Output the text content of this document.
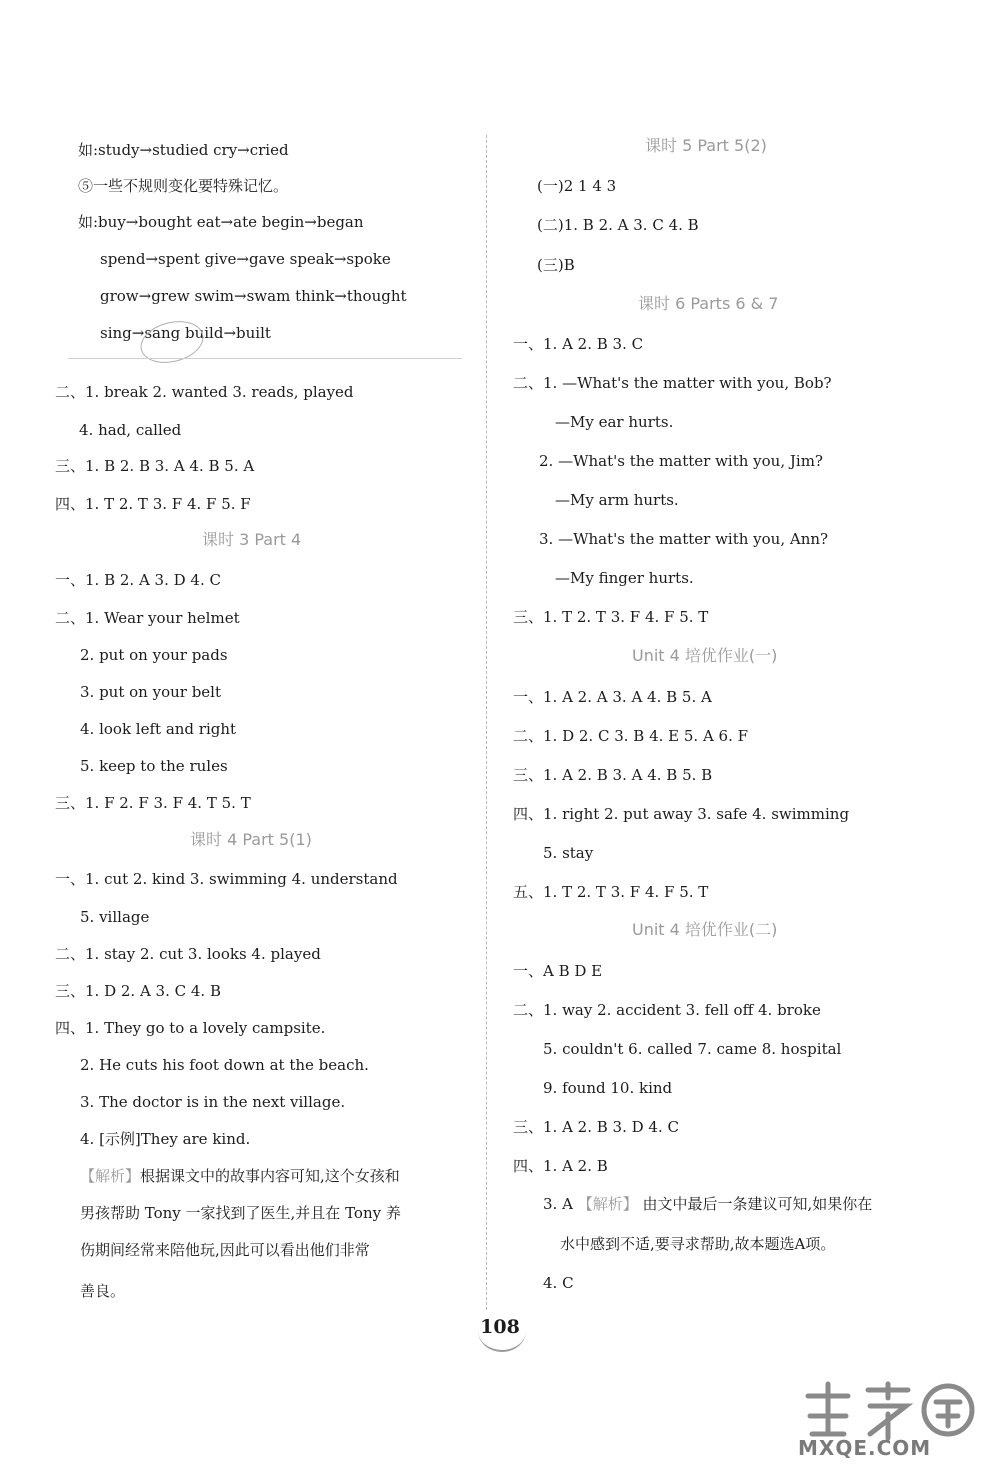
如:study→studied cry→cried
⑤一些不规则变化要特殊记忆。
如:buy→bought eat→ate begin→began
spend→spent give→gave speak→spoke
grow→grew swim→swam think→thought
sing→sang build→built
二、1. break 2. wanted 3. reads, played
4. had, called
三、1. B 2. B 3. A 4. B 5. A
四、1. T 2. T 3. F 4. F 5. F
课时 3 Part 4
一、1. B 2. A 3. D 4. C
二、1. Wear your helmet
2. put on your pads
3. put on your belt
4. look left and right
5. keep to the rules
三、1. F 2. F 3. F 4. T 5. T
课时 4 Part 5(1)
一、1. cut 2. kind 3. swimming 4. understand
5. village
二、1. stay 2. cut 3. looks 4. played
三、1. D 2. A 3. C 4. B
四、1. They go to a lovely campsite.
2. He cuts his foot down at the beach.
3. The doctor is in the next village.
4. [示例]They are kind.
【解析】根据课文中的故事内容可知,这个女孩和
男孩帮助 Tony 一家找到了医生,并且在 Tony 养
伤期间经常来陪他玩,因此可以看出他们非常
善良。
课时 5 Part 5(2)
(一)2 1 4 3
(二)1. B 2. A 3. C 4. B
(三)B
课时 6 Parts 6 & 7
一、1. A 2. B 3. C
二、1. —What's the matter with you, Bob?
—My ear hurts.
2. —What's the matter with you, Jim?
—My arm hurts.
3. —What's the matter with you, Ann?
—My finger hurts.
三、1. T 2. T 3. F 4. F 5. T
Unit 4 培优作业(一)
一、1. A 2. A 3. A 4. B 5. A
二、1. D 2. C 3. B 4. E 5. A 6. F
三、1. A 2. B 3. A 4. B 5. B
四、1. right 2. put away 3. safe 4. swimming
5. stay
五、1. T 2. T 3. F 4. F 5. T
Unit 4 培优作业(二)
一、A B D E
二、1. way 2. accident 3. fell off 4. broke
5. couldn't 6. called 7. came 8. hospital
9. found 10. kind
三、1. A 2. B 3. D 4. C
四、1. A 2. B
3. A 【解析】 由文中最后一条建议可知,如果你在
水中感到不适,要寻求帮助,故本题选A项。
4. C
108
MXQE.COM
